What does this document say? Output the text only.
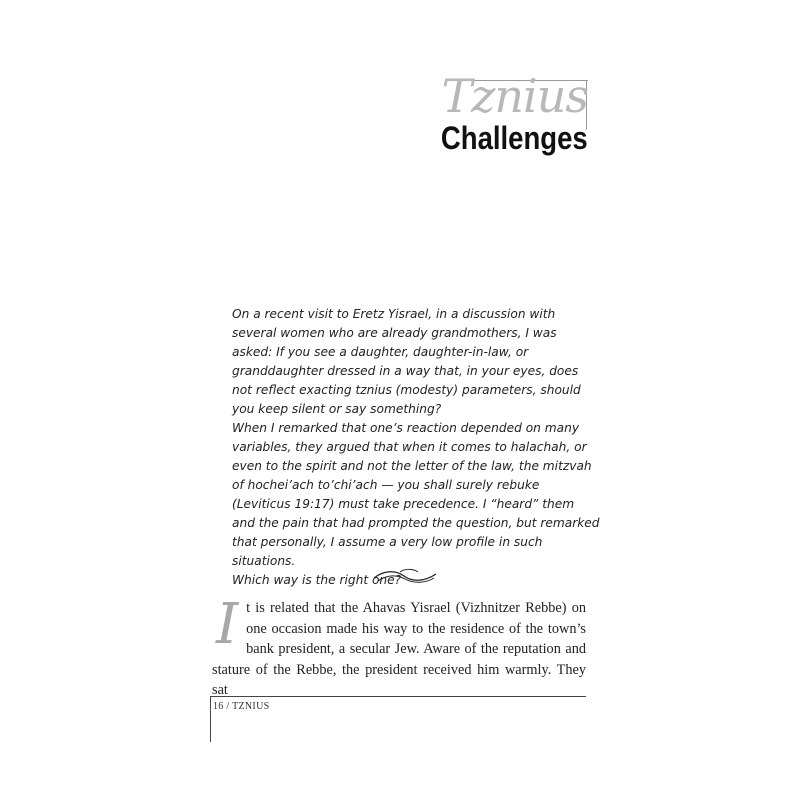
Tznius
Challenges

On a recent visit to Eretz Yisrael, in a discussion with several women who are already grandmothers, I was asked: If you see a daughter, daughter-in-law, or granddaughter dressed in a way that, in your eyes, does not reflect exacting tznius (modesty) parameters, should you keep silent or say something?

When I remarked that one’s reaction depended on many variables, they argued that when it comes to halachah, or even to the spirit and not the letter of the law, the mitzvah of hochei’ach to’chi’ach — you shall surely rebuke (Leviticus 19:17) must take precedence. I “heard” them and the pain that had prompted the question, but remarked that personally, I assume a very low profile in such situations.

Which way is the right one?

I t is related that the Ahavas Yisrael (Vizhnitzer Rebbe) on one occasion made his way to the residence of the town’s bank president, a secular Jew. Aware of the reputation and stature of the Rebbe, the president received him warmly. They sat
16 / TZNIUS
